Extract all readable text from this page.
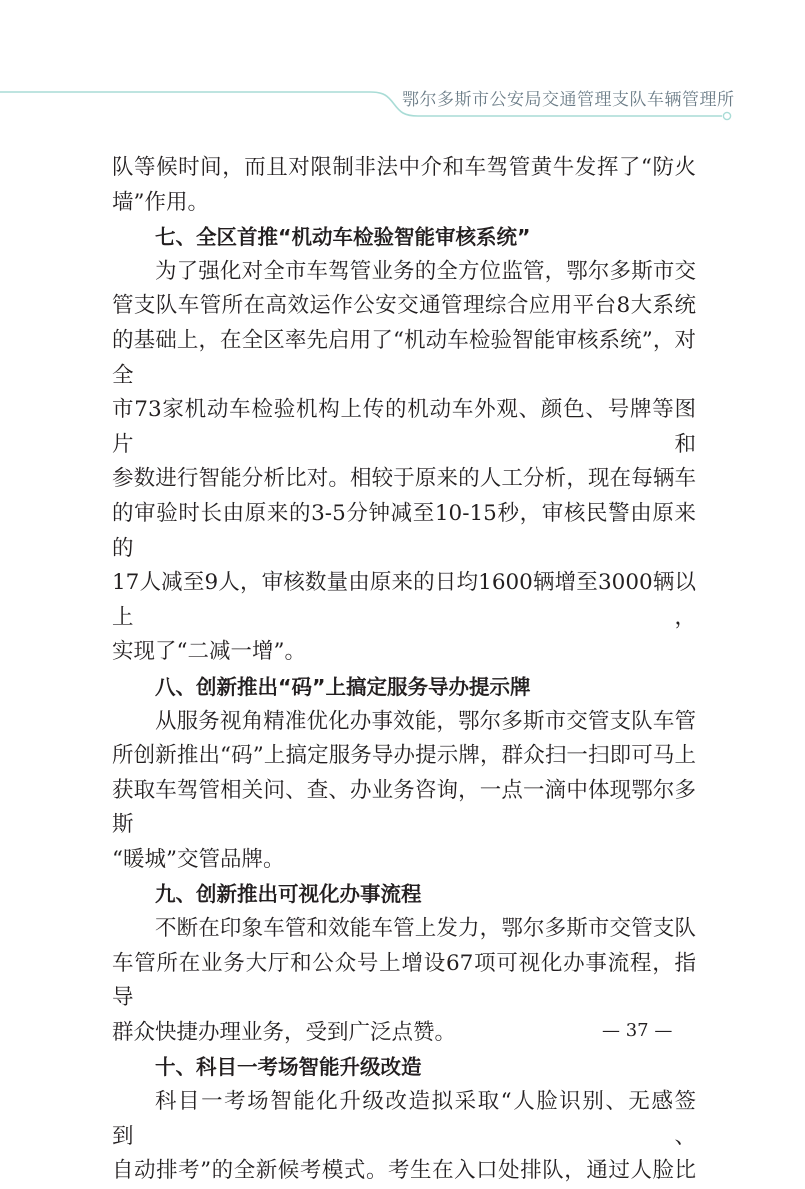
鄂尔多斯市公安局交通管理支队车辆管理所

队等候时间，而且对限制非法中介和车驾管黄牛发挥了“防火

墙”作用。

七、全区首推“机动车检验智能审核系统”

为了强化对全市车驾管业务的全方位监管，鄂尔多斯市交

管支队车管所在高效运作公安交通管理综合应用平台8大系统

的基础上，在全区率先启用了“机动车检验智能审核系统”，对全

市73家机动车检验机构上传的机动车外观、颜色、号牌等图片和

参数进行智能分析比对。相较于原来的人工分析，现在每辆车

的审验时长由原来的3-5分钟减至10-15秒，审核民警由原来的

17人减至9人，审核数量由原来的日均1600辆增至3000辆以上，

实现了“二减一增”。

八、创新推出“码”上搞定服务导办提示牌

从服务视角精准优化办事效能，鄂尔多斯市交管支队车管

所创新推出“码”上搞定服务导办提示牌，群众扫一扫即可马上

获取车驾管相关问、查、办业务咨询，一点一滴中体现鄂尔多斯

“暖城”交管品牌。

九、创新推出可视化办事流程

不断在印象车管和效能车管上发力，鄂尔多斯市交管支队

车管所在业务大厅和公众号上增设67项可视化办事流程，指导

群众快捷办理业务，受到广泛点赞。

十、科目一考场智能升级改造

科目一考场智能化升级改造拟采取“人脸识别、无感签到、

自动排考”的全新候考模式。考生在入口处排队，通过人脸比

— 37 —
